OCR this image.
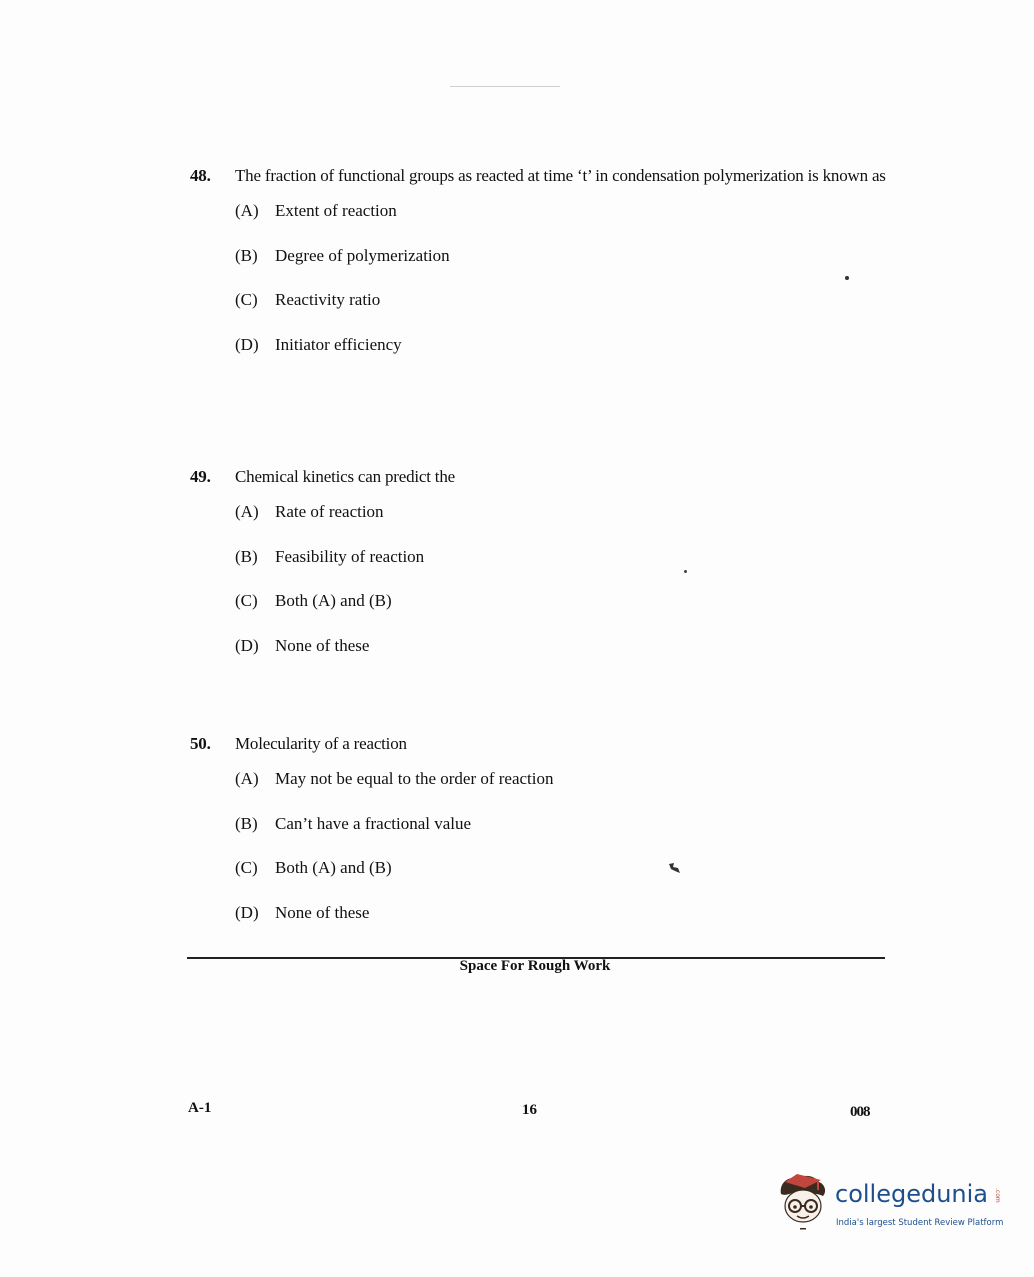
48.	The fraction of functional groups as reacted at time ‘t’ in condensation polymerization is known as
(A) Extent of reaction
(B)	Degree of polymerization
(C)	Reactivity ratio
(D) Initiator efficiency
49.	Chemical kinetics can predict the
(A) Rate of reaction
(B)	Feasibility of reaction
(C)	Both (A) and (B)
(D) None of these
50.	Molecularity of a reaction
(A) May not be equal to the order of reaction
(B)	Can’t have a fractional value
(C)	Both (A) and (B)
(D) None of these
Space For Rough Work
A-1	16	008
collegedunia .com
India's largest Student Review Platform
